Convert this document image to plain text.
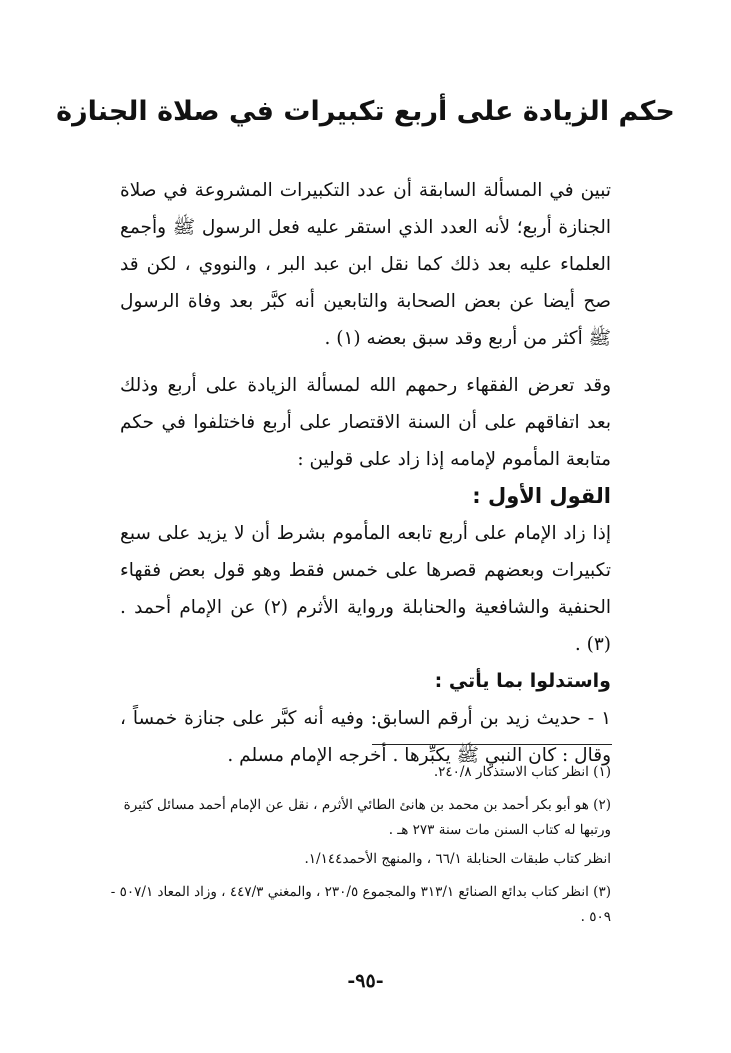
حكم الزيادة على أربع تكبيرات في صلاة الجنازة

تبين في المسألة السابقة أن عدد التكبيرات المشروعة في صلاة الجنازة أربع؛ لأنه العدد الذي استقر عليه فعل الرسول ﷺ وأجمع العلماء عليه بعد ذلك كما نقل ابن عبد البر ، والنووي ، لكن قد صح أيضا عن بعض الصحابة والتابعين أنه كبَّر بعد وفاة الرسول ﷺ أكثر من أربع وقد سبق بعضه (١) .

وقد تعرض الفقهاء رحمهم الله لمسألة الزيادة على أربع وذلك بعد اتفاقهم على أن السنة الاقتصار على أربع فاختلفوا في حكم متابعة المأموم لإمامه إذا زاد على قولين :

القول الأول :

إذا زاد الإمام على أربع تابعه المأموم بشرط أن لا يزيد على سبع تكبيرات وبعضهم قصرها على خمس فقط وهو قول بعض فقهاء الحنفية والشافعية والحنابلة ورواية الأثرم (٢) عن الإمام أحمد .(٣) .

واستدلوا بما يأتي :

١ - حديث زيد بن أرقم السابق: وفيه أنه كبَّر على جنازة خمساً ، وقال : كان النبي ﷺ يكبِّرها . أخرجه الإمام مسلم .

(١) انظر كتاب الاستذكار ٢٤٠/٨.

(٢) هو أبو بكر أحمد بن محمد بن هانئ الطائي الأثرم ، نقل عن الإمام أحمد مسائل كثيرة ورتبها له كتاب السنن مات سنة ٢٧٣ هـ .

انظر كتاب طبقات الحنابلة ٦٦/١ ، والمنهج الأحمد١/١٤٤.

(٣) انظر كتاب بدائع الصنائع ٣١٣/١ والمجموع ٢٣٠/٥ ، والمغني ٤٤٧/٣ ، وزاد المعاد ٥٠٧/١ - ٥٠٩ .

-٩٥-
